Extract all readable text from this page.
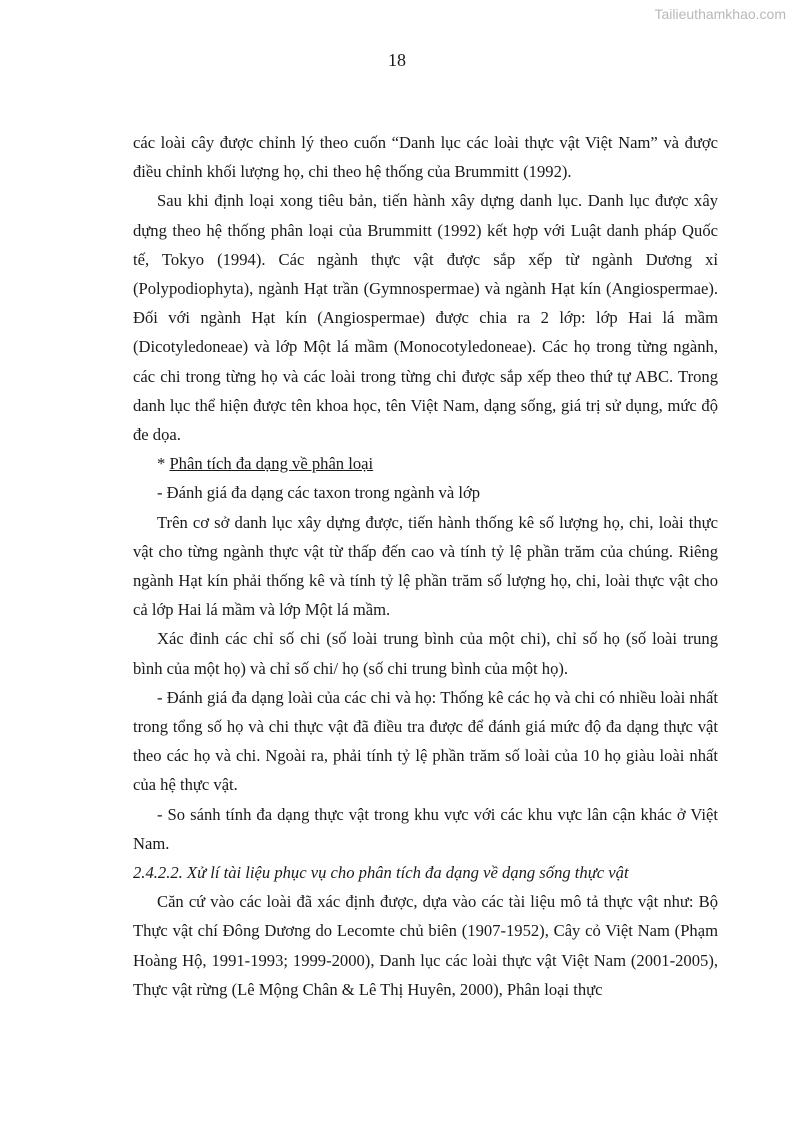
Tailieuthamkhao.com
18

các loài cây được chỉnh lý theo cuốn “Danh lục các loài thực vật Việt Nam” và được điều chỉnh khối lượng họ, chi theo hệ thống của Brummitt (1992).

Sau khi định loại xong tiêu bản, tiến hành xây dựng danh lục. Danh lục được xây dựng theo hệ thống phân loại của Brummitt (1992) kết hợp với Luật danh pháp Quốc tế, Tokyo (1994). Các ngành thực vật được sắp xếp từ ngành Dương xỉ (Polypodiophyta), ngành Hạt trần (Gymnospermae) và ngành Hạt kín (Angiospermae). Đối với ngành Hạt kín (Angiospermae) được chia ra 2 lớp: lớp Hai lá mầm (Dicotyledoneae) và lớp Một lá mầm (Monocotyledoneae). Các họ trong từng ngành, các chi trong từng họ và các loài trong từng chi được sắp xếp theo thứ tự ABC. Trong danh lục thể hiện được tên khoa học, tên Việt Nam, dạng sống, giá trị sử dụng, mức độ đe dọa.

* Phân tích đa dạng về phân loại

- Đánh giá đa dạng các taxon trong ngành và lớp

Trên cơ sở danh lục xây dựng được, tiến hành thống kê số lượng họ, chi, loài thực vật cho từng ngành thực vật từ thấp đến cao và tính tỷ lệ phần trăm của chúng. Riêng ngành Hạt kín phải thống kê và tính tỷ lệ phần trăm số lượng họ, chi, loài thực vật cho cả lớp Hai lá mầm và lớp Một lá mầm.

Xác đinh các chỉ số chi (số loài trung bình của một chi), chỉ số họ (số loài trung bình của một họ) và chỉ số chi/ họ (số chi trung bình của một họ).

- Đánh giá đa dạng loài của các chi và họ: Thống kê các họ và chi có nhiều loài nhất trong tổng số họ và chi thực vật đã điều tra được để đánh giá mức độ đa dạng thực vật theo các họ và chi. Ngoài ra, phải tính tỷ lệ phần trăm số loài của 10 họ giàu loài nhất của hệ thực vật.

- So sánh tính đa dạng thực vật trong khu vực với các khu vực lân cận khác ở Việt Nam.

2.4.2.2. Xử lí tài liệu phục vụ cho phân tích đa dạng về dạng sống thực vật

Căn cứ vào các loài đã xác định được, dựa vào các tài liệu mô tả thực vật như: Bộ Thực vật chí Đông Dương do Lecomte chủ biên (1907-1952), Cây cỏ Việt Nam (Phạm Hoàng Hộ, 1991-1993; 1999-2000), Danh lục các loài thực vật Việt Nam (2001-2005), Thực vật rừng (Lê Mộng Chân & Lê Thị Huyên, 2000), Phân loại thực
